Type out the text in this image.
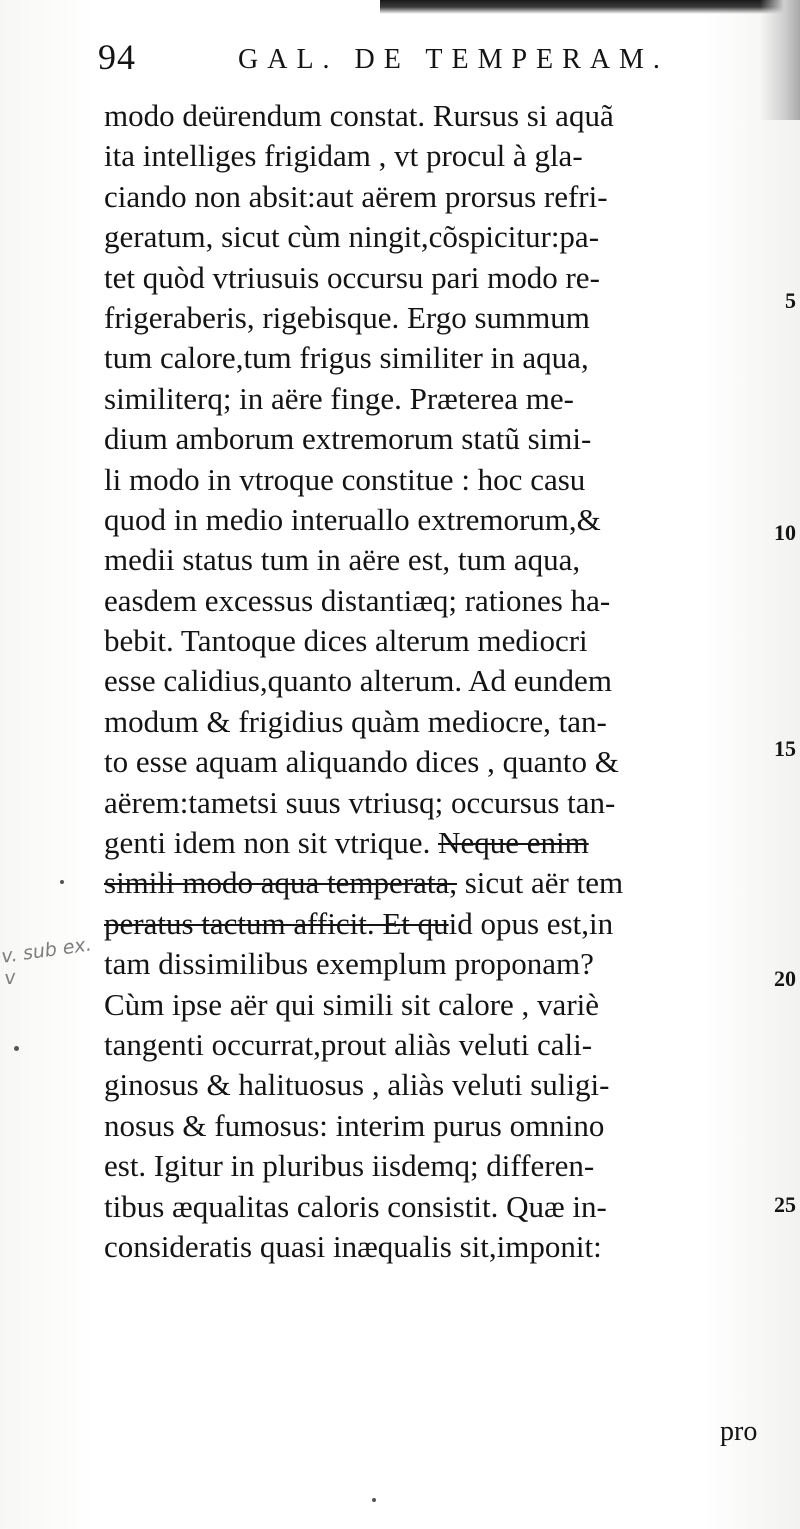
94	GAL. DE TEMPERAM.
v. sub ex. v
modo deürendum constat. Rursus si aquã
ita intelliges frigidam , vt procul à gla-
ciando non absit:aut aërem prorsus refri-
geratum, sicut cùm ningit,cõspicitur:pa-
tet quòd vtriusuis occursu pari modo re-
frigeraberis, rigebisque. Ergo summum
tum calore,tum frigus similiter in aqua,
similiterq; in aëre finge. Præterea me-
dium amborum extremorum statũ simi-
li modo in vtroque constitue : hoc casu
quod in medio interuallo extremorum,&
medii status tum in aëre est, tum aqua,
easdem excessus distantiæq; rationes ha-
bebit. Tantoque dices alterum mediocri
esse calidius,quanto alterum. Ad eundem
modum & frigidius quàm mediocre, tan-
to esse aquam aliquando dices , quanto &
aërem:tametsi suus vtriusq; occursus tan-
genti idem non sit vtrique. Neque enim
simili modo aqua temperata, sicut aër tem
peratus tactum afficit. Et quid opus est,in
tam dissimilibus exemplum proponam?
Cùm ipse aër qui simili sit calore , variè
tangenti occurrat,prout aliàs veluti cali-
ginosus & halituosus , aliàs veluti suligi-
nosus & fumosus: interim purus omnino
est. Igitur in pluribus iisdemq; differen-
tibus æqualitas caloris consistit. Quæ in-
consideratis quasi inæqualis sit,imponit:
5
10
15
20
25
pro
